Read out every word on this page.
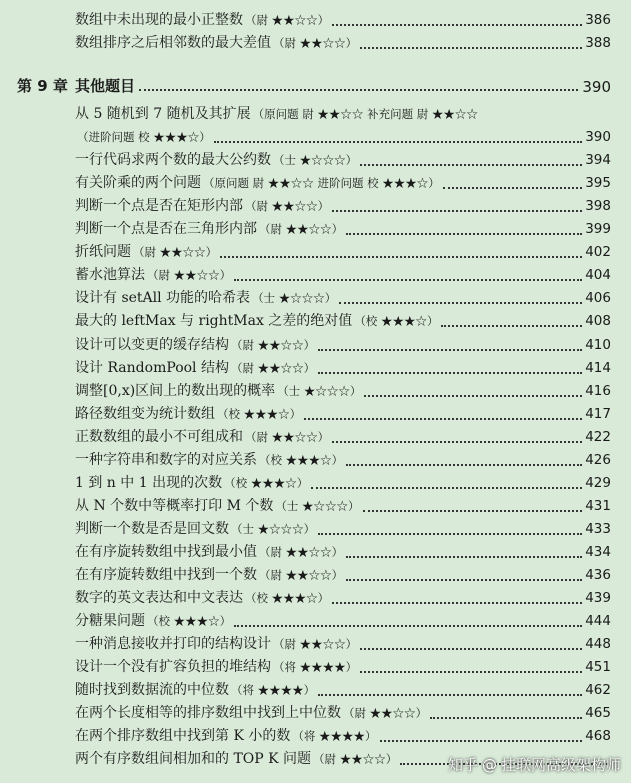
数组中未出现的最小正整数 （尉 ★★☆☆）	386
数组排序之后相邻数的最大差值 （尉 ★★☆☆）	388
第 9 章 其他题目	390
从 5 随机到 7 随机及其扩展 （原问题 尉 ★★☆☆ 补充问题 尉 ★★☆☆
（进阶问题 校 ★★★☆）	390
一行代码求两个数的最大公约数 （士 ★☆☆☆）	394
有关阶乘的两个问题 （原问题 尉 ★★☆☆ 进阶问题 校 ★★★☆）	395
判断一个点是否在矩形内部 （尉 ★★☆☆）	398
判断一个点是否在三角形内部 （尉 ★★☆☆）	399
折纸问题 （尉 ★★☆☆）	402
蓄水池算法 （尉 ★★☆☆）	404
设计有 setAll 功能的哈希表 （士 ★☆☆☆）	406
最大的 leftMax 与 rightMax 之差的绝对值 （校 ★★★☆）	408
设计可以变更的缓存结构 （尉 ★★☆☆）	410
设计 RandomPool 结构 （尉 ★★☆☆）	414
调整[0,x)区间上的数出现的概率 （士 ★☆☆☆）	416
路径数组变为统计数组 （校 ★★★☆）	417
正数数组的最小不可组成和 （尉 ★★☆☆）	422
一种字符串和数字的对应关系 （校 ★★★☆）	426
1 到 n 中 1 出现的次数 （校 ★★★☆）	429
从 N 个数中等概率打印 M 个数 （士 ★☆☆☆）	431
判断一个数是否是回文数 （士 ★☆☆☆）	433
在有序旋转数组中找到最小值 （尉 ★★☆☆）	434
在有序旋转数组中找到一个数 （尉 ★★☆☆）	436
数字的英文表达和中文表达 （校 ★★★☆）	439
分糖果问题 （校 ★★★☆）	444
一种消息接收并打印的结构设计 （尉 ★★☆☆）	448
设计一个没有扩容负担的堆结构 （将 ★★★★）	451
随时找到数据流的中位数 （将 ★★★★）	462
在两个长度相等的排序数组中找到上中位数 （尉 ★★☆☆）	465
在两个排序数组中找到第 K 小的数 （将 ★★★★）	468
两个有序数组间相加和的 TOP K 问题 （尉 ★★☆☆）	知乎 @ 挂联网高级架构师
